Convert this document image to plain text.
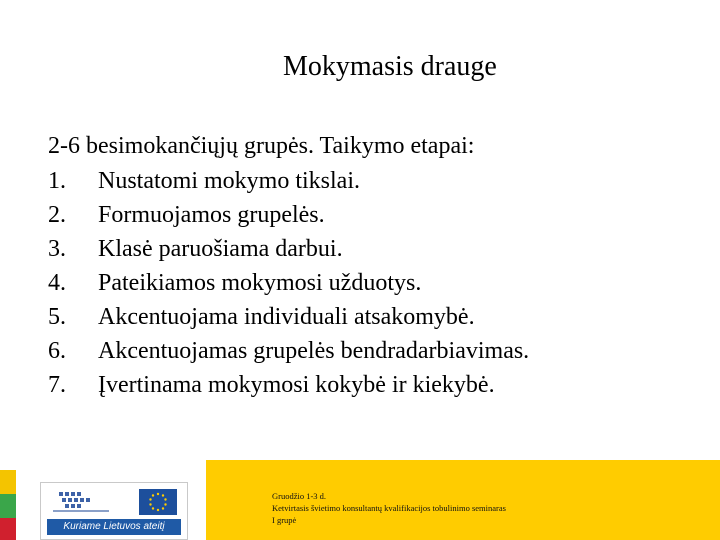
Mokymasis drauge
2-6 besimokančiųjų grupės. Taikymo etapai:
1.	Nustatomi mokymo tikslai.
2.	Formuojamos grupelės.
3.	Klasė paruošiama darbui.
4.	Pateikiamos mokymosi užduotys.
5.	Akcentuojama individuali atsakomybė.
6.	Akcentuojamas grupelės bendradarbiavimas.
7.	Įvertinama mokymosi kokybė ir kiekybė.
Kuriame Lietuvos ateitį
Gruodžio 1-3 d.
Ketvirtasis švietimo konsultantų kvalifikacijos tobulinimo seminaras
I grupė
